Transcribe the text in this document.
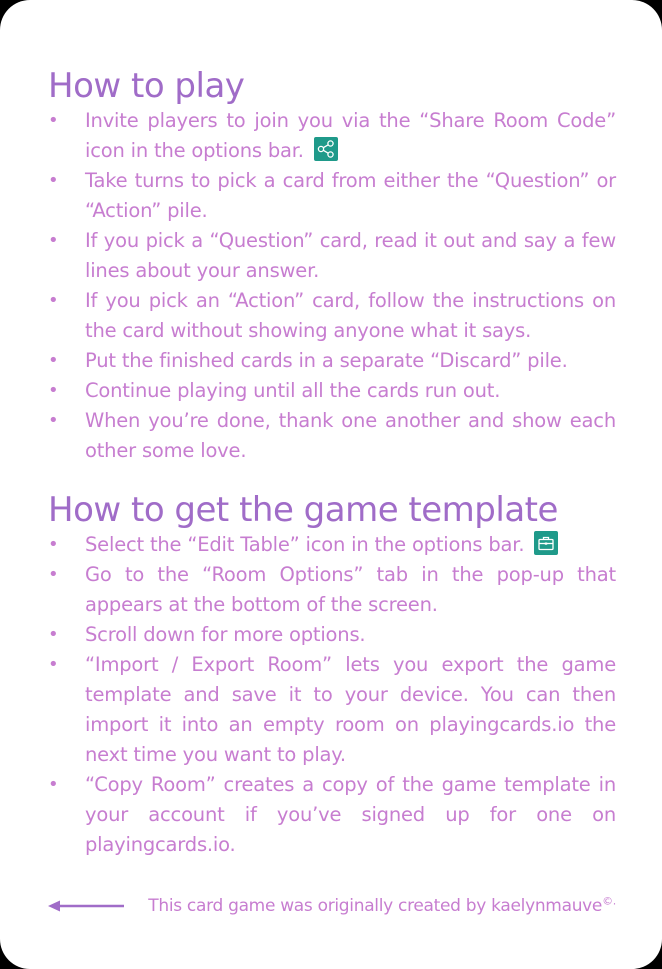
How to play
• Invite players to join you via the “Share Room Code” icon in the options bar.
• Take turns to pick a card from either the “Question” or “Action” pile.
• If you pick a “Question” card, read it out and say a few lines about your answer.
• If you pick an “Action” card, follow the instructions on the card without showing anyone what it says.
• Put the finished cards in a separate “Discard” pile.
• Continue playing until all the cards run out.
• When you’re done, thank one another and show each other some love.
How to get the game template
• Select the “Edit Table” icon in the options bar.
• Go to the “Room Options” tab in the pop-up that appears at the bottom of the screen.
• Scroll down for more options.
• “Import / Export Room” lets you export the game template and save it to your device. You can then import it into an empty room on playingcards.io the next time you want to play.
• “Copy Room” creates a copy of the game template in your account if you’ve signed up for one on playingcards.io.
This card game was originally created by kaelynmauve©.
